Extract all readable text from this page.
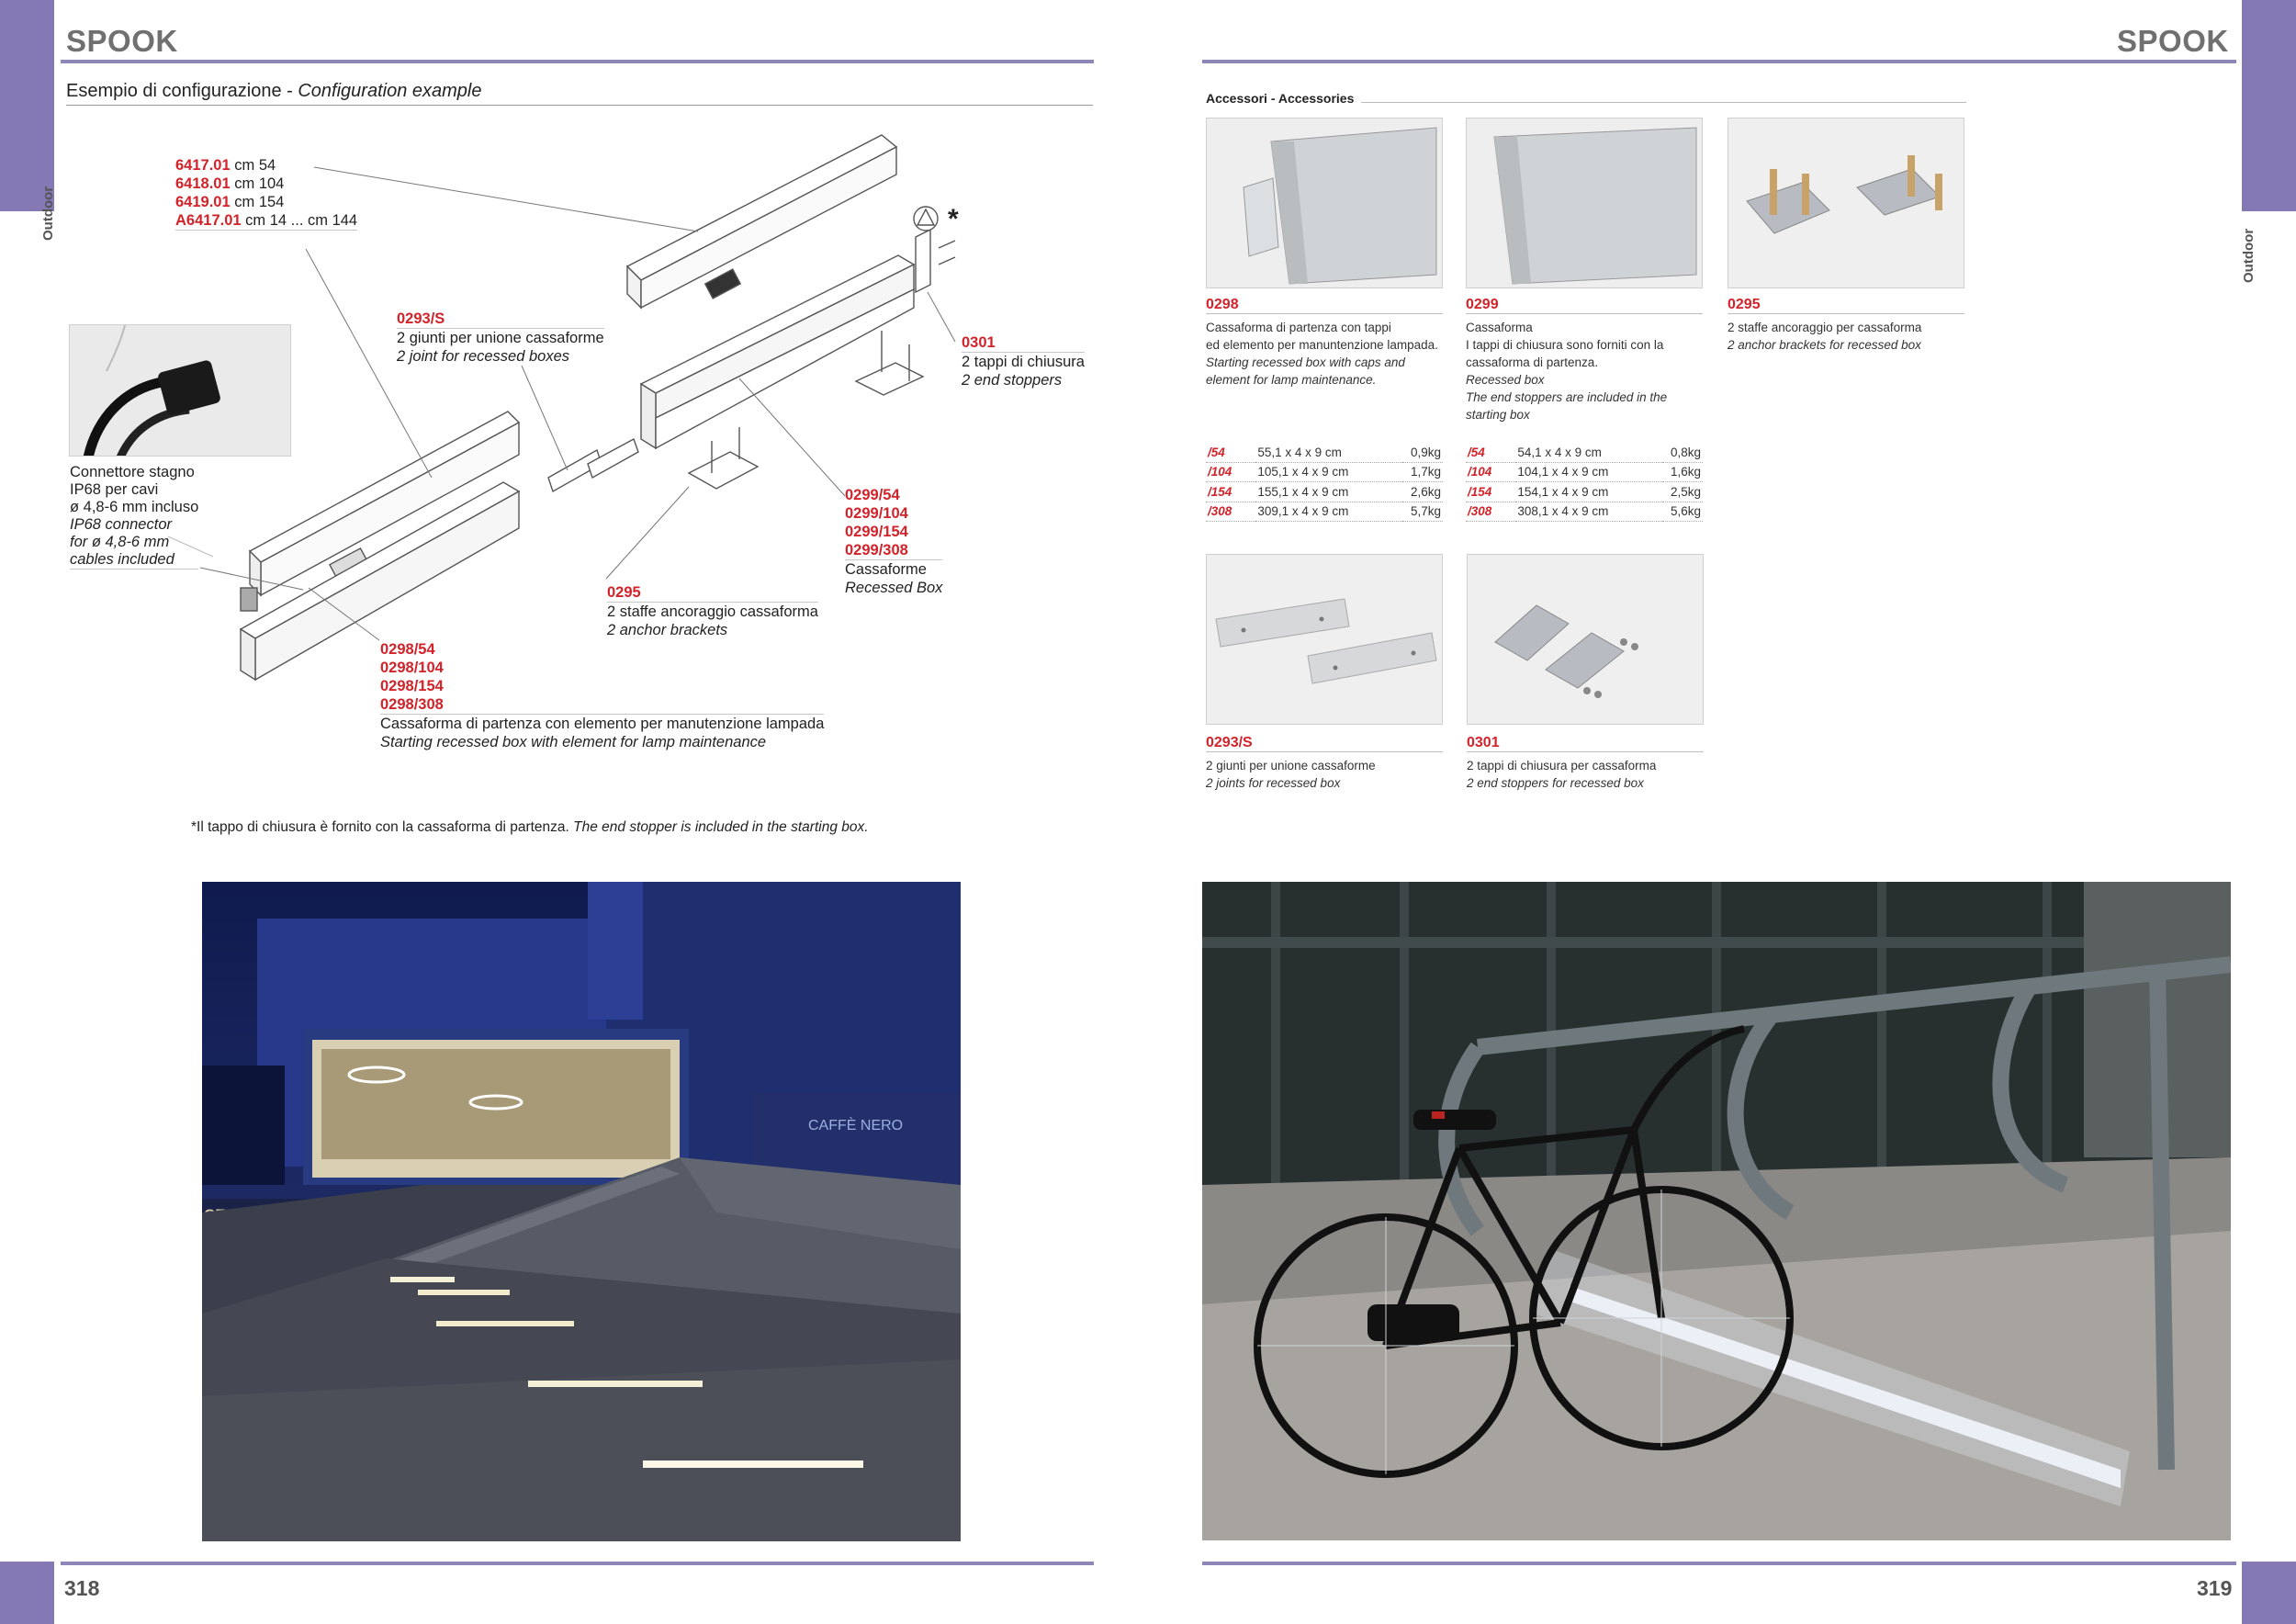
Outdoor
SPOOK
Esempio di configurazione - Configuration example
6417.01 cm 54
6418.01 cm 104
6419.01 cm 154
A6417.01 cm 14 ... cm 144
0293/S
2 giunti per unione cassaforme
2 joint for recessed boxes
*
0301
2 tappi di chiusura
2 end stoppers
0299/54
0299/104
0299/154
0299/308
Cassaforme
Recessed Box
0295
2 staffe ancoraggio cassaforma
2 anchor brackets
0298/54
0298/104
0298/154
0298/308
Cassaforma di partenza con elemento per manutenzione lampada
Starting recessed box with element for lamp maintenance
Connettore stagno
IP68 per cavi
ø 4,8-6 mm incluso
IP68 connector
for ø 4,8-6 mm
cables included
*Il tappo di chiusura è fornito con la cassaforma di partenza. The end stopper is included in the starting box.
CAFFÈ NERO
318
Outdoor
SPOOK
Accessori - Accessories
0298
Cassaforma di partenza con tappi
ed elemento per manuntenzione lampada.
Starting recessed box with caps and
element for lamp maintenance.
0299
Cassaforma
I tappi di chiusura sono forniti con la
cassaforma di partenza.
Recessed box
The end stoppers are included in the
starting box
0295
2 staffe ancoraggio per cassaforma
2 anchor brackets for recessed box
/54	55,1 x 4 x 9 cm	0,9kg
/104	105,1 x 4 x 9 cm	1,7kg
/154	155,1 x 4 x 9 cm	2,6kg
/308	309,1 x 4 x 9 cm	5,7kg
/54	54,1 x 4 x 9 cm	0,8kg
/104	104,1 x 4 x 9 cm	1,6kg
/154	154,1 x 4 x 9 cm	2,5kg
/308	308,1 x 4 x 9 cm	5,6kg
0293/S
2 giunti per unione cassaforme
2 joints for recessed box
0301
2 tappi di chiusura per cassaforma
2 end stoppers for recessed box
319
